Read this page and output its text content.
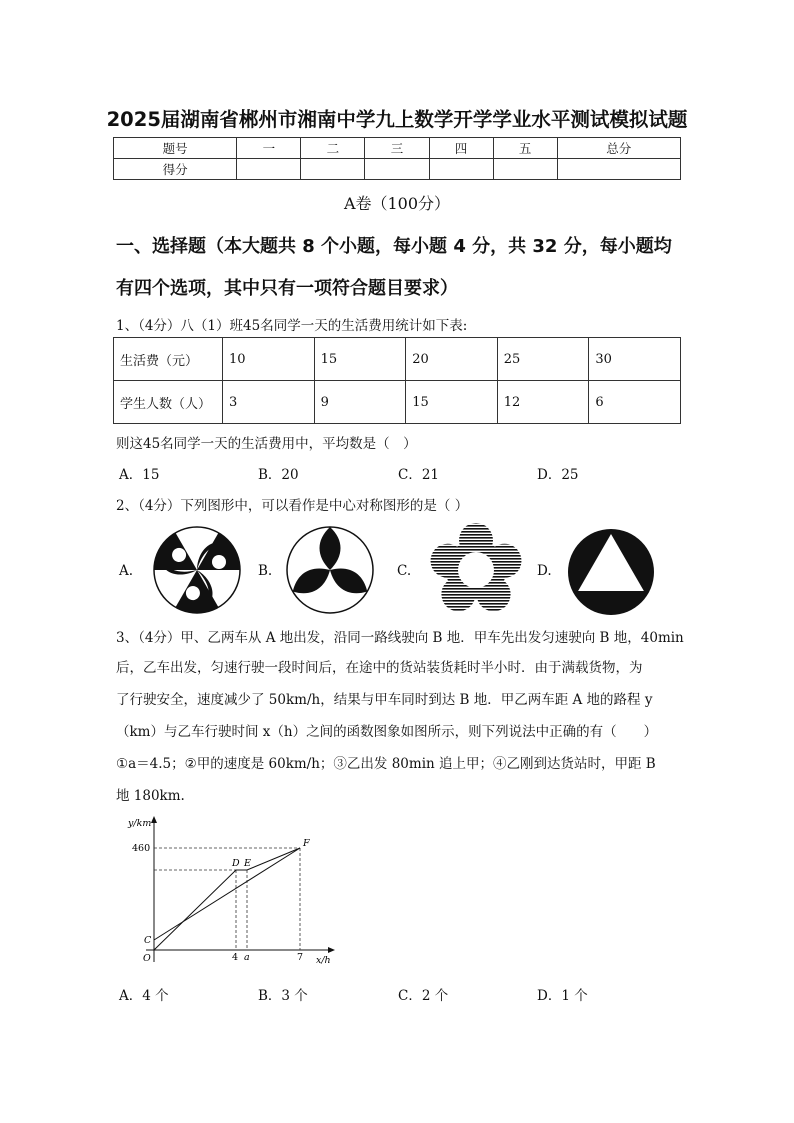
2025届湖南省郴州市湘南中学九上数学开学学业水平测试模拟试题
题号	一	二	三	四	五	总分
得分						
A卷（100分）
一、选择题（本大题共 8 个小题，每小题 4 分，共 32 分，每小题均
有四个选项，其中只有一项符合题目要求）
1、（4分）八（1）班45名同学一天的生活费用统计如下表:
生活费（元）	10	15	20	25	30
学生人数（人）	3	9	15	12	6
则这45名同学一天的生活费用中，平均数是（　）
A．15	B．20	C．21	D．25
2、（4分）下列图形中，可以看作是中心对称图形的是（ ）
A.	B.	C.	D.
3、（4分）甲、乙两车从 A 地出发，沿同一路线驶向 B 地．甲车先出发匀速驶向 B 地，40min
后，乙车出发，匀速行驶一段时间后，在途中的货站装货耗时半小时．由于满载货物，为
了行驶安全，速度减少了 50km/h，结果与甲车同时到达 B 地．甲乙两车距 A 地的路程 y
（km）与乙车行驶时间 x（h）之间的函数图象如图所示，则下列说法中正确的有（　　）
①a＝4.5；②甲的速度是 60km/h；③乙出发 80min 追上甲；④乙刚到达货站时，甲距 B
地 180km.
y/km
460
x/h
4 a	7
O
C
D E
F
A．4 个	B．3 个	C．2 个	D．1 个
